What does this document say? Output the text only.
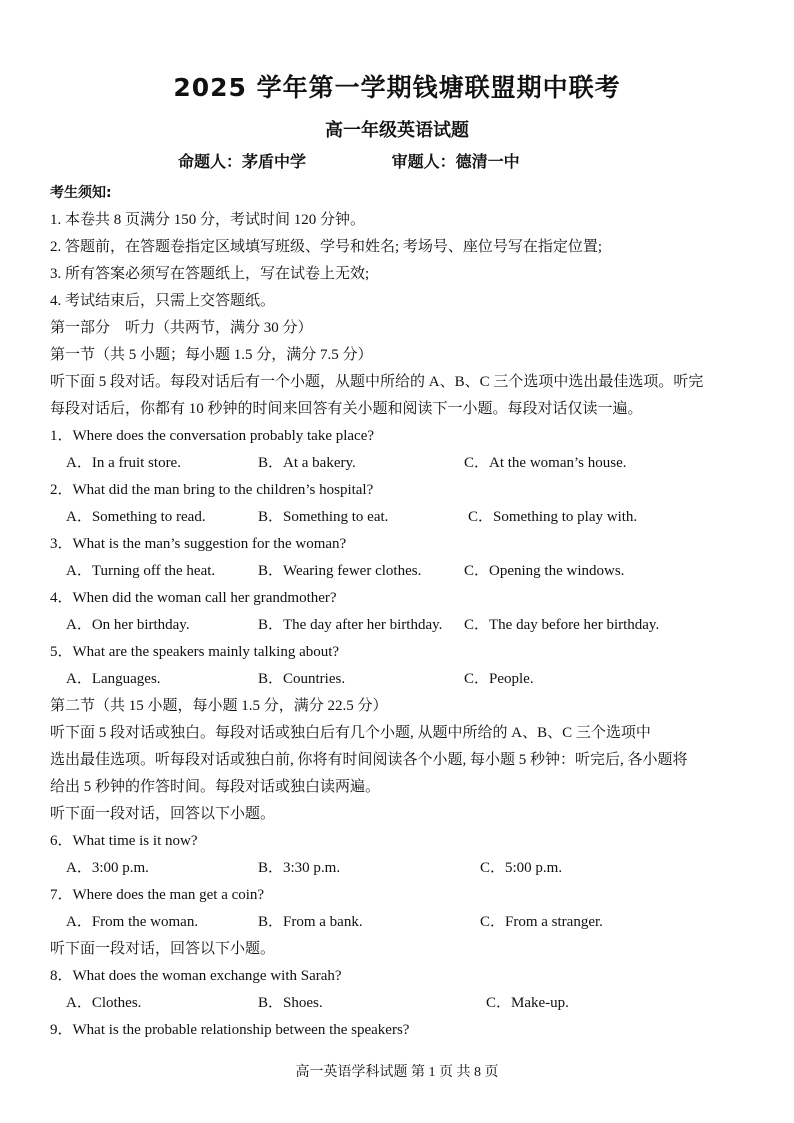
2025 学年第一学期钱塘联盟期中联考
高一年级英语试题
命题人：茅盾中学	审题人：德清一中
考生须知:
1. 本卷共 8 页满分 150 分，考试时间 120 分钟。
2. 答题前，在答题卷指定区域填写班级、学号和姓名; 考场号、座位号写在指定位置;
3. 所有答案必须写在答题纸上，写在试卷上无效;
4. 考试结束后，只需上交答题纸。
第一部分　听力（共两节，满分 30 分）
第一节（共 5 小题；每小题 1.5 分，满分 7.5 分）
听下面 5 段对话。每段对话后有一个小题，从题中所给的 A、B、C 三个选项中选出最佳选项。听完
每段对话后，你都有 10 秒钟的时间来回答有关小题和阅读下一小题。每段对话仅读一遍。
1．Where does the conversation probably take place?
A．In a fruit store.	B．At a bakery.	C．At the woman’s house.
2．What did the man bring to the children’s hospital?
A．Something to read.	B．Something to eat.	C．Something to play with.
3．What is the man’s suggestion for the woman?
A．Turning off the heat.	B．Wearing fewer clothes.	C．Opening the windows.
4．When did the woman call her grandmother?
A．On her birthday.	B．The day after her birthday. C．The day before her birthday.
5．What are the speakers mainly talking about?
A．Languages.	B．Countries.	C．People.
第二节（共 15 小题，每小题 1.5 分，满分 22.5 分）
听下面 5 段对话或独白。每段对话或独白后有几个小题, 从题中所给的 A、B、C 三个选项中
选出最佳选项。听每段对话或独白前, 你将有时间阅读各个小题, 每小题 5 秒钟：听完后, 各小题将
给出 5 秒钟的作答时间。每段对话或独白读两遍。
听下面一段对话，回答以下小题。
6．What time is it now?
A．3:00 p.m.	B．3:30 p.m.	C．5:00 p.m.
7．Where does the man get a coin?
A．From the woman.	B．From a bank.	C．From a stranger.
听下面一段对话，回答以下小题。
8．What does the woman exchange with Sarah?
A．Clothes.	B．Shoes.	C．Make-up.
9．What is the probable relationship between the speakers?
高一英语学科试题 第 1 页 共 8 页
